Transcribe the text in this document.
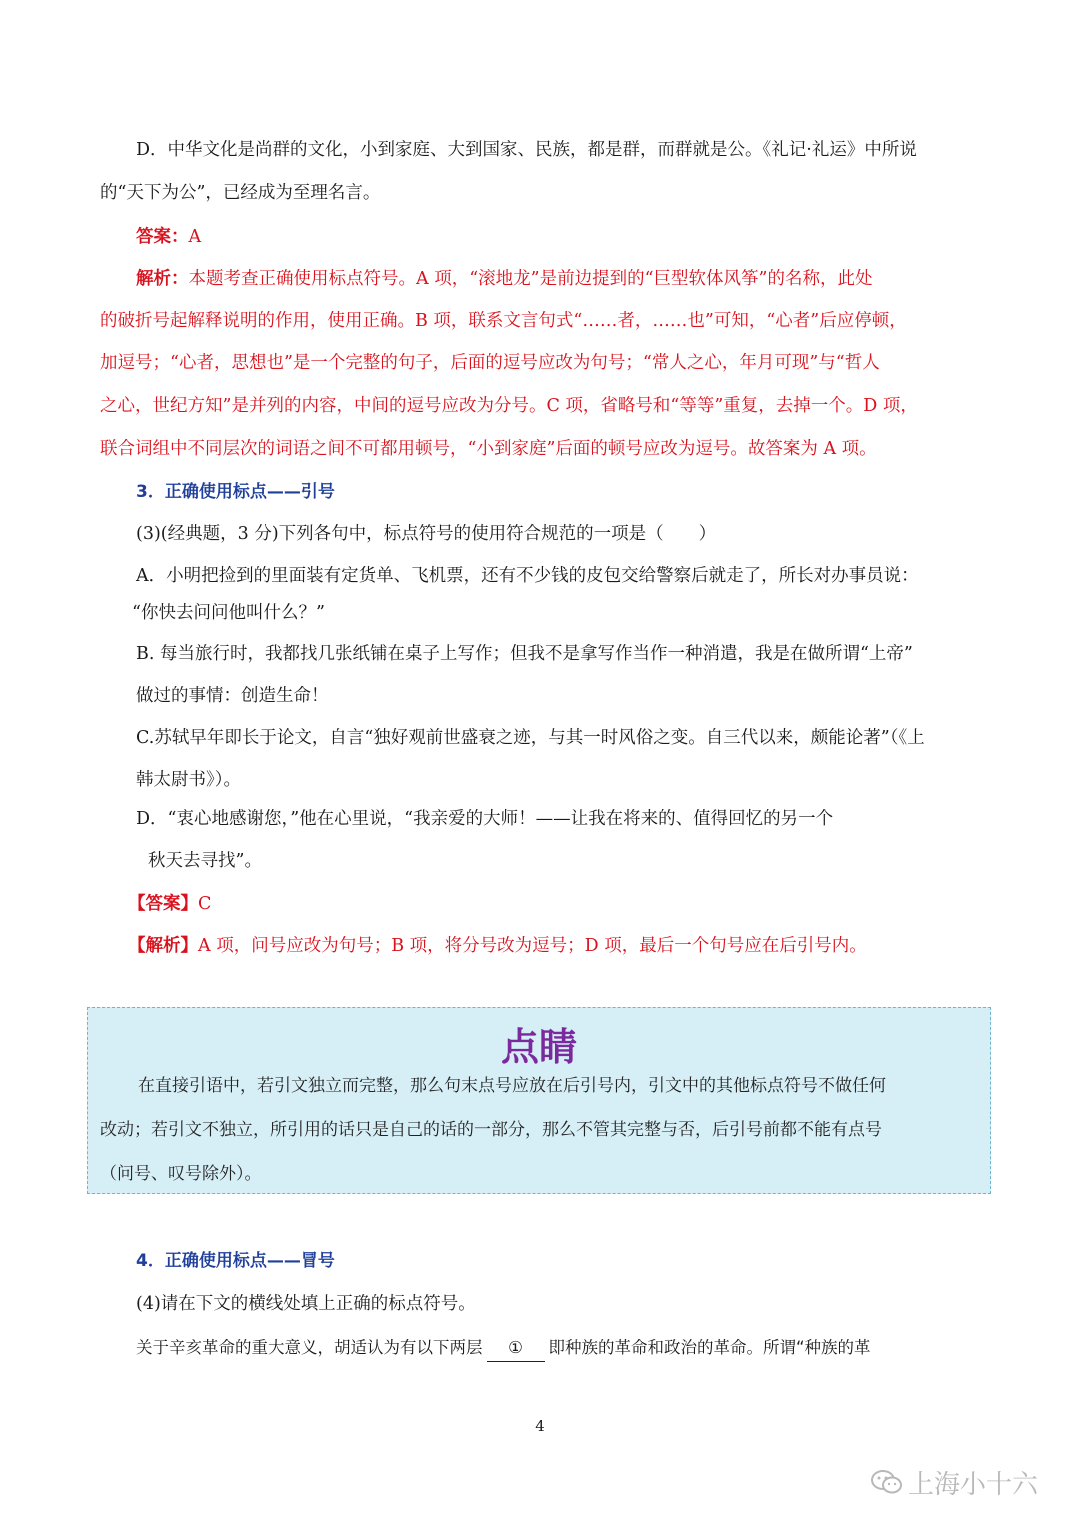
D．中华文化是尚群的文化，小到家庭、大到国家、民族，都是群，而群就是公。《礼记·礼运》中所说
的“天下为公”，已经成为至理名言。
答案：A
解析：本题考查正确使用标点符号。A 项，“滚地龙”是前边提到的“巨型软体风筝”的名称，此处
的破折号起解释说明的作用，使用正确。B 项，联系文言句式“……者，……也”可知，“心者”后应停顿，
加逗号；“心者，思想也”是一个完整的句子，后面的逗号应改为句号；“常人之心，年月可现”与“哲人
之心，世纪方知”是并列的内容，中间的逗号应改为分号。C 项，省略号和“等等”重复，去掉一个。D 项，
联合词组中不同层次的词语之间不可都用顿号，“小到家庭”后面的顿号应改为逗号。故答案为 A 项。
3．正确使用标点——引号
(3)(经典题，3 分)下列各句中，标点符号的使用符合规范的一项是（　　）
A．小明把捡到的里面装有定货单、飞机票，还有不少钱的皮包交给警察后就走了，所长对办事员说：
“你快去问问他叫什么？”
B. 每当旅行时，我都找几张纸铺在桌子上写作；但我不是拿写作当作一种消遣，我是在做所谓“上帝”
做过的事情：创造生命！
C.苏轼早年即长于论文，自言“独好观前世盛衰之迹，与其一时风俗之变。自三代以来，颇能论著”（《上
韩太尉书》）。
D．“衷心地感谢您，”他在心里说，“我亲爱的大师！——让我在将来的、值得回忆的另一个
秋天去寻找”。
【答案】C
【解析】A 项，问号应改为句号；B 项，将分号改为逗号；D 项，最后一个句号应在后引号内。
点睛
在直接引语中，若引文独立而完整，那么句末点号应放在后引号内，引文中的其他标点符号不做任何
改动；若引文不独立，所引用的话只是自己的话的一部分，那么不管其完整与否，后引号前都不能有点号
（问号、叹号除外）。
4．正确使用标点——冒号
(4)请在下文的横线处填上正确的标点符号。
关于辛亥革命的重大意义，胡适认为有以下两层 ① 即种族的革命和政治的革命。所谓“种族的革
4
上海小十六
